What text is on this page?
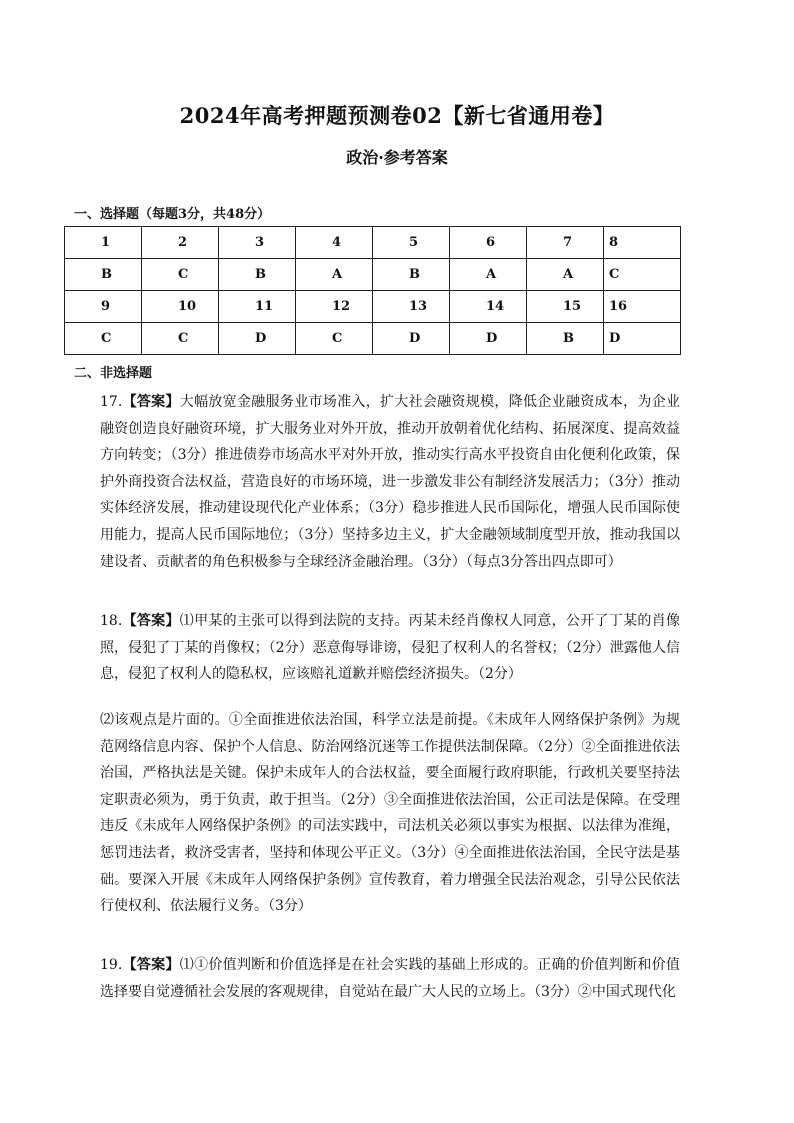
2024年高考押题预测卷02【新七省通用卷】
政治·参考答案
一、选择题（每题3分，共48分）
1	2	3	4	5	6	7	8
B	C	B	A	B	A	A	C
9	10	11	12	13	14	15	16
C	C	D	C	D	D	B	D
二、非选择题

17.【答案】大幅放宽金融服务业市场准入，扩大社会融资规模，降低企业融资成本，为企业融资创造良好融资环境，扩大服务业对外开放，推动开放朝着优化结构、拓展深度、提高效益方向转变；（3分）推进债券市场高水平对外开放，推动实行高水平投资自由化便利化政策，保护外商投资合法权益，营造良好的市场环境，进一步激发非公有制经济发展活力；（3分）推动实体经济发展，推动建设现代化产业体系；（3分）稳步推进人民币国际化，增强人民币国际使用能力，提高人民币国际地位；（3分）坚持多边主义，扩大金融领域制度型开放，推动我国以建设者、贡献者的角色积极参与全球经济金融治理。（3分）（每点3分答出四点即可）

18.【答案】⑴甲某的主张可以得到法院的支持。丙某未经肖像权人同意，公开了丁某的肖像照，侵犯了丁某的肖像权；（2分）恶意侮辱诽谤，侵犯了权利人的名誉权；（2分）泄露他人信息，侵犯了权利人的隐私权，应该赔礼道歉并赔偿经济损失。（2分）

⑵该观点是片面的。①全面推进依法治国，科学立法是前提。《未成年人网络保护条例》为规范网络信息内容、保护个人信息、防治网络沉迷等工作提供法制保障。（2分）②全面推进依法治国，严格执法是关键。保护未成年人的合法权益，要全面履行政府职能，行政机关要坚持法定职责必须为，勇于负责，敢于担当。（2分）③全面推进依法治国，公正司法是保障。在受理违反《未成年人网络保护条例》的司法实践中，司法机关必须以事实为根据、以法律为准绳，惩罚违法者，救济受害者，坚持和体现公平正义。（3分）④全面推进依法治国，全民守法是基础。要深入开展《未成年人网络保护条例》宣传教育，着力增强全民法治观念，引导公民依法行使权利、依法履行义务。（3分）

19.【答案】⑴①价值判断和价值选择是在社会实践的基础上形成的。正确的价值判断和价值选择要自觉遵循社会发展的客观规律，自觉站在最广大人民的立场上。（3分）②中国式现代化
